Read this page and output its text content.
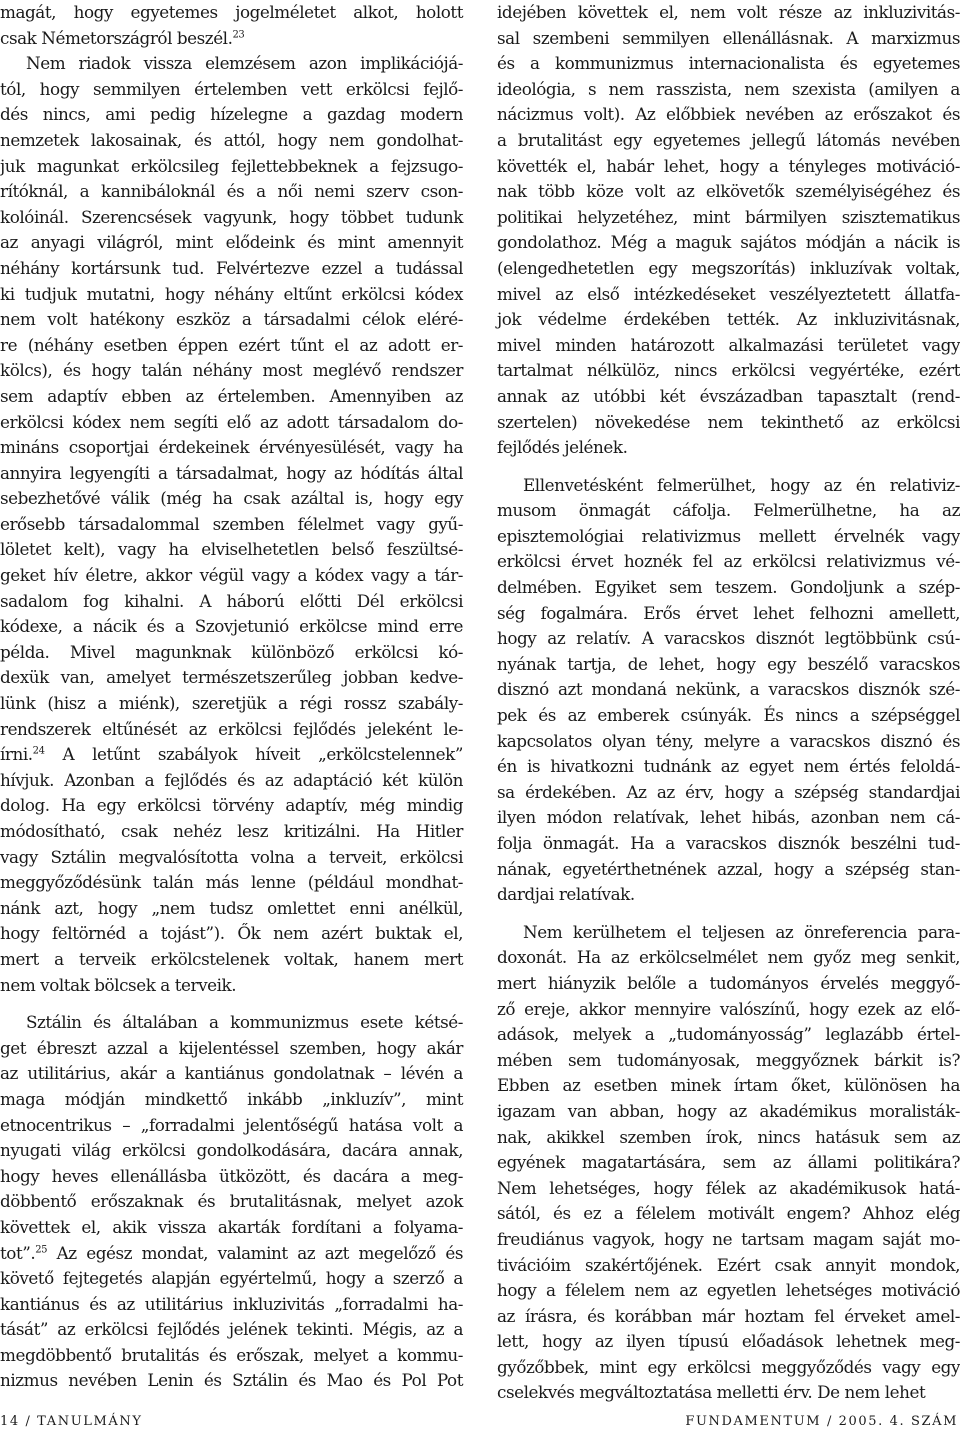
magát, hogy egyetemes jogelméletet alkot, holott
csak Németországról beszél.$^{23}$
Nem riadok vissza elemzésem azon implikációjá-
tól, hogy semmilyen értelemben vett erkölcsi fejlő-
dés nincs, ami pedig hízelegne a gazdag modern
nemzetek lakosainak, és attól, hogy nem gondolhat-
juk magunkat erkölcsileg fejlettebbeknek a fejzsugo-
rítóknál, a kannibáloknál és a női nemi szerv cson-
kolóinál. Szerencsések vagyunk, hogy többet tudunk
az anyagi világról, mint elődeink és mint amennyit
néhány kortársunk tud. Felvértezve ezzel a tudással
ki tudjuk mutatni, hogy néhány eltűnt erkölcsi kódex
nem volt hatékony eszköz a társadalmi célok eléré-
re (néhány esetben éppen ezért tűnt el az adott er-
kölcs), és hogy talán néhány most meglévő rendszer
sem adaptív ebben az értelemben. Amennyiben az
erkölcsi kódex nem segíti elő az adott társadalom do-
mináns csoportjai érdekeinek érvényesülését, vagy ha
annyira legyengíti a társadalmat, hogy az hódítás által
sebezhetővé válik (még ha csak azáltal is, hogy egy
erősebb társadalommal szemben félelmet vagy gyű-
löletet kelt), vagy ha elviselhetetlen belső feszültsé-
geket hív életre, akkor végül vagy a kódex vagy a tár-
sadalom fog kihalni. A háború előtti Dél erkölcsi
kódexe, a nácik és a Szovjetunió erkölcse mind erre
példa. Mivel magunknak különböző erkölcsi kó-
dexük van, amelyet természetszerűleg jobban kedve-
lünk (hisz a miénk), szeretjük a régi rossz szabály-
rendszerek eltűnését az erkölcsi fejlődés jeleként le-
írni.$^{24}$ A letűnt szabályok híveit „erkölcstelennek”
hívjuk. Azonban a fejlődés és az adaptáció két külön
dolog. Ha egy erkölcsi törvény adaptív, még mindig
módosítható, csak nehéz lesz kritizálni. Ha Hitler
vagy Sztálin megvalósította volna a terveit, erkölcsi
meggyőződésünk talán más lenne (például mondhat-
nánk azt, hogy „nem tudsz omlettet enni anélkül,
hogy feltörnéd a tojást”). Ők nem azért buktak el,
mert a terveik erkölcstelenek voltak, hanem mert
nem voltak bölcsek a terveik.
Sztálin és általában a kommunizmus esete kétsé-
get ébreszt azzal a kijelentéssel szemben, hogy akár
az utilitárius, akár a kantiánus gondolatnak – lévén a
maga módján mindkettő inkább „inkluzív”, mint
etnocentrikus – „forradalmi jelentőségű hatása volt a
nyugati világ erkölcsi gondolkodására, dacára annak,
hogy heves ellenállásba ütközött, és dacára a meg-
döbbentő erőszaknak és brutalitásnak, melyet azok
követtek el, akik vissza akarták fordítani a folyama-
tot”.$^{25}$ Az egész mondat, valamint az azt megelőző és
követő fejtegetés alapján egyértelmű, hogy a szerző a
kantiánus és az utilitárius inkluzivitás „forradalmi ha-
tását” az erkölcsi fejlődés jelének tekinti. Mégis, az a
megdöbbentő brutalitás és erőszak, melyet a kommu-
nizmus nevében Lenin és Sztálin és Mao és Pol Pot
idejében követtek el, nem volt része az inkluzivitás-
sal szembeni semmilyen ellenállásnak. A marxizmus
és a kommunizmus internacionalista és egyetemes
ideológia, s nem rasszista, nem szexista (amilyen a
nácizmus volt). Az előbbiek nevében az erőszakot és
a brutalitást egy egyetemes jellegű látomás nevében
követték el, habár lehet, hogy a tényleges motiváció-
nak több köze volt az elkövetők személyiségéhez és
politikai helyzetéhez, mint bármilyen szisztematikus
gondolathoz. Még a maguk sajátos módján a nácik is
(elengedhetetlen egy megszorítás) inkluzívak voltak,
mivel az első intézkedéseket veszélyeztetett állatfa-
jok védelme érdekében tették. Az inkluzivitásnak,
mivel minden határozott alkalmazási területet vagy
tartalmat nélkülöz, nincs erkölcsi vegyértéke, ezért
annak az utóbbi két évszázadban tapasztalt (rend-
szertelen) növekedése nem tekinthető az erkölcsi
fejlődés jelének.
Ellenvetésként felmerülhet, hogy az én relativiz-
musom önmagát cáfolja. Felmerülhetne, ha az
episztemológiai relativizmus mellett érvelnék vagy
erkölcsi érvet hoznék fel az erkölcsi relativizmus vé-
delmében. Egyiket sem teszem. Gondoljunk a szép-
ség fogalmára. Erős érvet lehet felhozni amellett,
hogy az relatív. A varacskos disznót legtöbbünk csú-
nyának tartja, de lehet, hogy egy beszélő varacskos
disznó azt mondaná nekünk, a varacskos disznók szé-
pek és az emberek csúnyák. És nincs a szépséggel
kapcsolatos olyan tény, melyre a varacskos disznó és
én is hivatkozni tudnánk az egyet nem értés feloldá-
sa érdekében. Az az érv, hogy a szépség standardjai
ilyen módon relatívak, lehet hibás, azonban nem cá-
folja önmagát. Ha a varacskos disznók beszélni tud-
nának, egyetérthetnének azzal, hogy a szépség stan-
dardjai relatívak.
Nem kerülhetem el teljesen az önreferencia para-
doxonát. Ha az erkölcselmélet nem győz meg senkit,
mert hiányzik belőle a tudományos érvelés meggyő-
ző ereje, akkor mennyire valószínű, hogy ezek az elő-
adások, melyek a „tudományosság” leglazább értel-
mében sem tudományosak, meggyőznek bárkit is?
Ebben az esetben minek írtam őket, különösen ha
igazam van abban, hogy az akadémikus moralisták-
nak, akikkel szemben írok, nincs hatásuk sem az
egyének magatartására, sem az állami politikára?
Nem lehetséges, hogy félek az akadémikusok hatá-
sától, és ez a félelem motivált engem? Ahhoz elég
freudiánus vagyok, hogy ne tartsam magam saját mo-
tivációim szakértőjének. Ezért csak annyit mondok,
hogy a félelem nem az egyetlen lehetséges motiváció
az írásra, és korábban már hoztam fel érveket amel-
lett, hogy az ilyen típusú előadások lehetnek meg-
győzőbbek, mint egy erkölcsi meggyőződés vagy egy
cselekvés megváltoztatása melletti érv. De nem lehet
14 / TANULMÁNY	FUNDAMENTUM / 2005. 4. SZÁM
